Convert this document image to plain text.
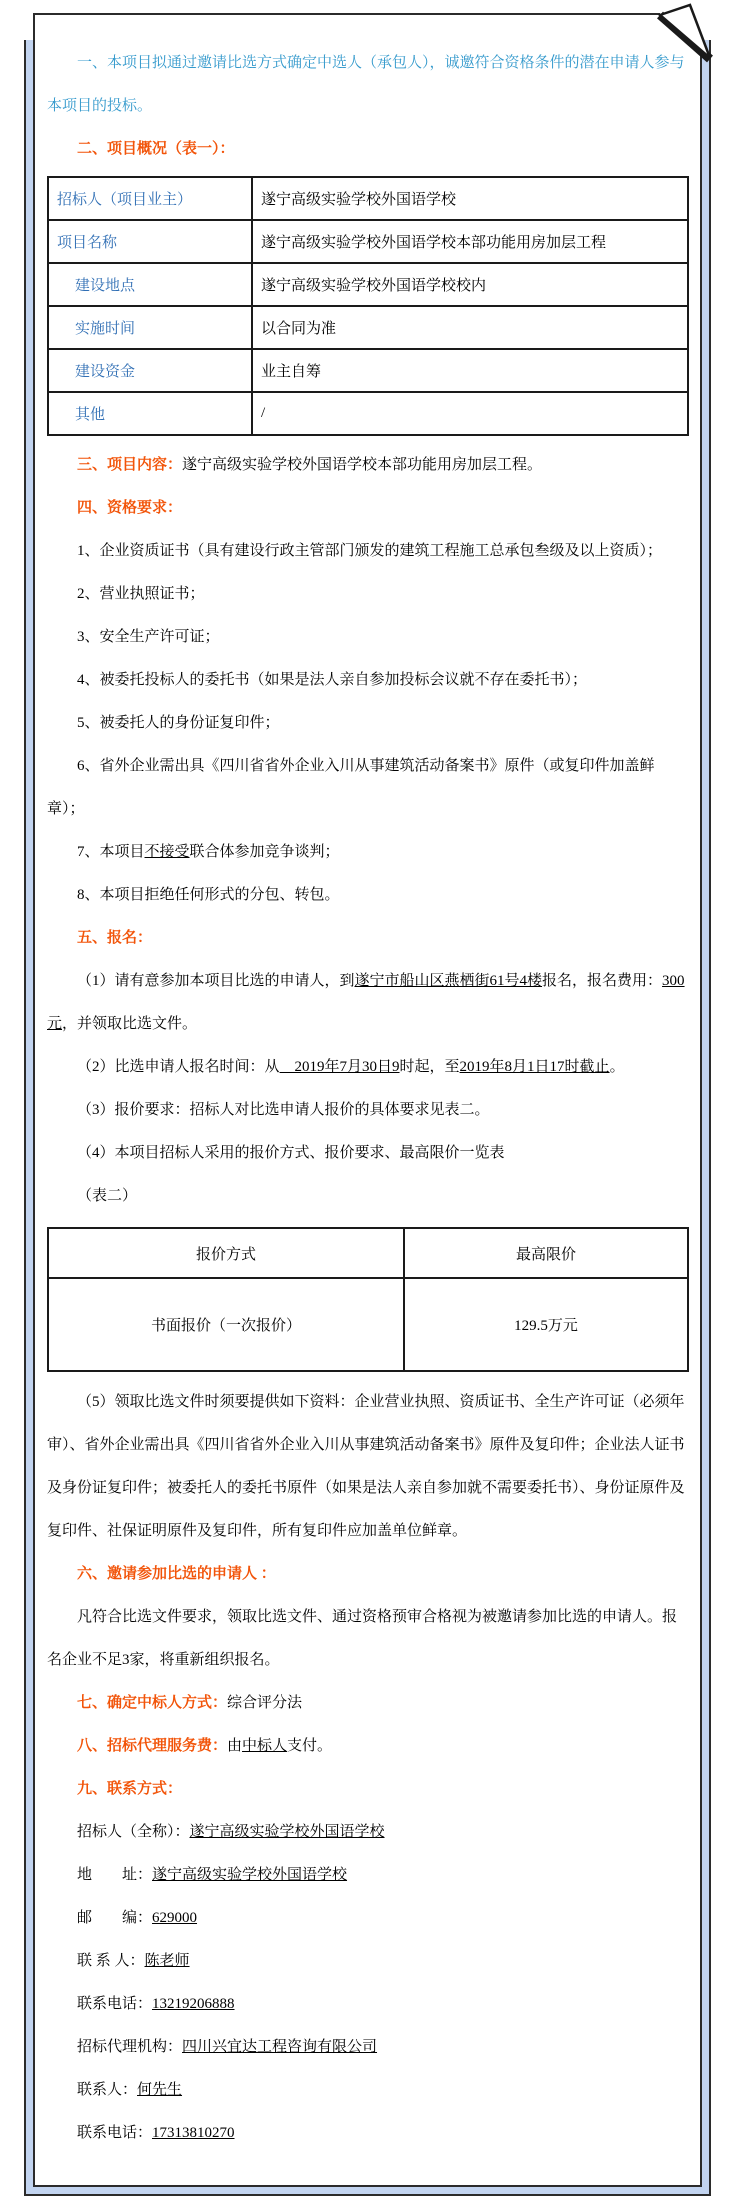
一、本项目拟通过邀请比选方式确定中选人（承包人），诚邀符合资格条件的潜在申请人参与本项目的投标。

二、项目概况（表一）：

招标人（项目业主）	遂宁高级实验学校外国语学校
项目名称	遂宁高级实验学校外国语学校本部功能用房加层工程
建设地点	遂宁高级实验学校外国语学校校内
实施时间	以合同为准
建设资金	业主自筹
其他	/

三、项目内容：遂宁高级实验学校外国语学校本部功能用房加层工程。

四、资格要求：

1、企业资质证书（具有建设行政主管部门颁发的建筑工程施工总承包叁级及以上资质）；

2、营业执照证书；

3、安全生产许可证；

4、被委托投标人的委托书（如果是法人亲自参加投标会议就不存在委托书）；

5、被委托人的身份证复印件；

6、省外企业需出具《四川省省外企业入川从事建筑活动备案书》原件（或复印件加盖鲜章）；

7、本项目不接受联合体参加竞争谈判；

8、本项目拒绝任何形式的分包、转包。

五、报名：

（1）请有意参加本项目比选的申请人，到遂宁市船山区燕栖街61号4楼报名，报名费用：300元，并领取比选文件。

（2）比选申请人报名时间：从　2019年7月30日9时起，至2019年8月1日17时截止。

（3）报价要求：招标人对比选申请人报价的具体要求见表二。

（4）本项目招标人采用的报价方式、报价要求、最高限价一览表

（表二）

报价方式	最高限价
书面报价（一次报价）	129.5万元

（5）领取比选文件时须要提供如下资料：企业营业执照、资质证书、全生产许可证（必须年审）、省外企业需出具《四川省省外企业入川从事建筑活动备案书》原件及复印件；企业法人证书及身份证复印件；被委托人的委托书原件（如果是法人亲自参加就不需要委托书）、身份证原件及复印件、社保证明原件及复印件，所有复印件应加盖单位鲜章。

六、邀请参加比选的申请人 ：

凡符合比选文件要求，领取比选文件、通过资格预审合格视为被邀请参加比选的申请人。报名企业不足3家，将重新组织报名。

七、确定中标人方式：综合评分法

八、招标代理服务费：由中标人支付。

九、联系方式：

招标人（全称）：遂宁高级实验学校外国语学校

地　　址：遂宁高级实验学校外国语学校

邮　　编：629000

联 系 人：陈老师

联系电话：13219206888

招标代理机构：四川兴宜达工程咨询有限公司

联系人：何先生

联系电话：17313810270
